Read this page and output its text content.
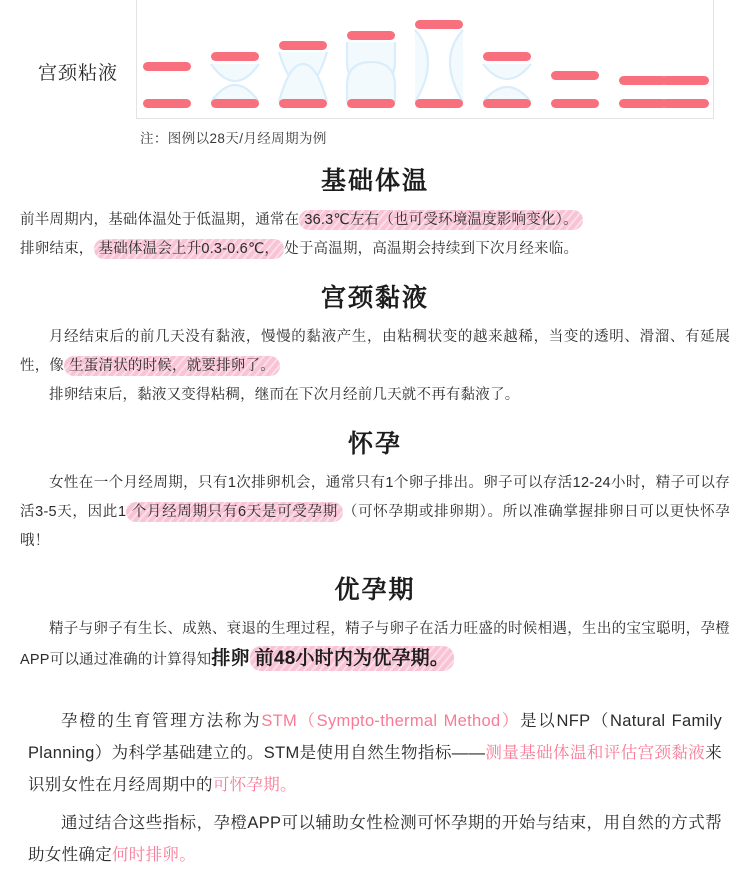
宫颈粘液
注：图例以28天/月经周期为例
基础体温

前半周期内，基础体温处于低温期，通常在 36.3℃左右（也可受环境温度影响变化）。

排卵结束， 基础体温会上升0.3-0.6℃， 处于高温期，高温期会持续到下次月经来临。

宫颈黏液

月经结束后的前几天没有黏液，慢慢的黏液产生，由粘稠状变的越来越稀，当变的透明、滑溜、有延展性，像 生蛋清状的时候，就要排卵了。

排卵结束后，黏液又变得粘稠，继而在下次月经前几天就不再有黏液了。

怀孕

女性在一个月经周期，只有1次排卵机会，通常只有1个卵子排出。卵子可以存活12-24小时，精子可以存活3-5天，因此1 个月经周期只有6天是可受孕期 （可怀孕期或排卵期）。所以准确掌握排卵日可以更快怀孕哦！

优孕期

精子与卵子有生长、成熟、衰退的生理过程，精子与卵子在活力旺盛的时候相遇，生出的宝宝聪明，孕橙APP可以通过准确的计算得知排卵 前48小时内为优孕期。

孕橙的生育管理方法称为STM（Sympto-thermal Method）是以NFP（Natural Family Planning）为科学基础建立的。STM是使用自然生物指标——测量基础体温和评估宫颈黏液来识别女性在月经周期中的可怀孕期。

通过结合这些指标，孕橙APP可以辅助女性检测可怀孕期的开始与结束，用自然的方式帮助女性确定何时排卵。
